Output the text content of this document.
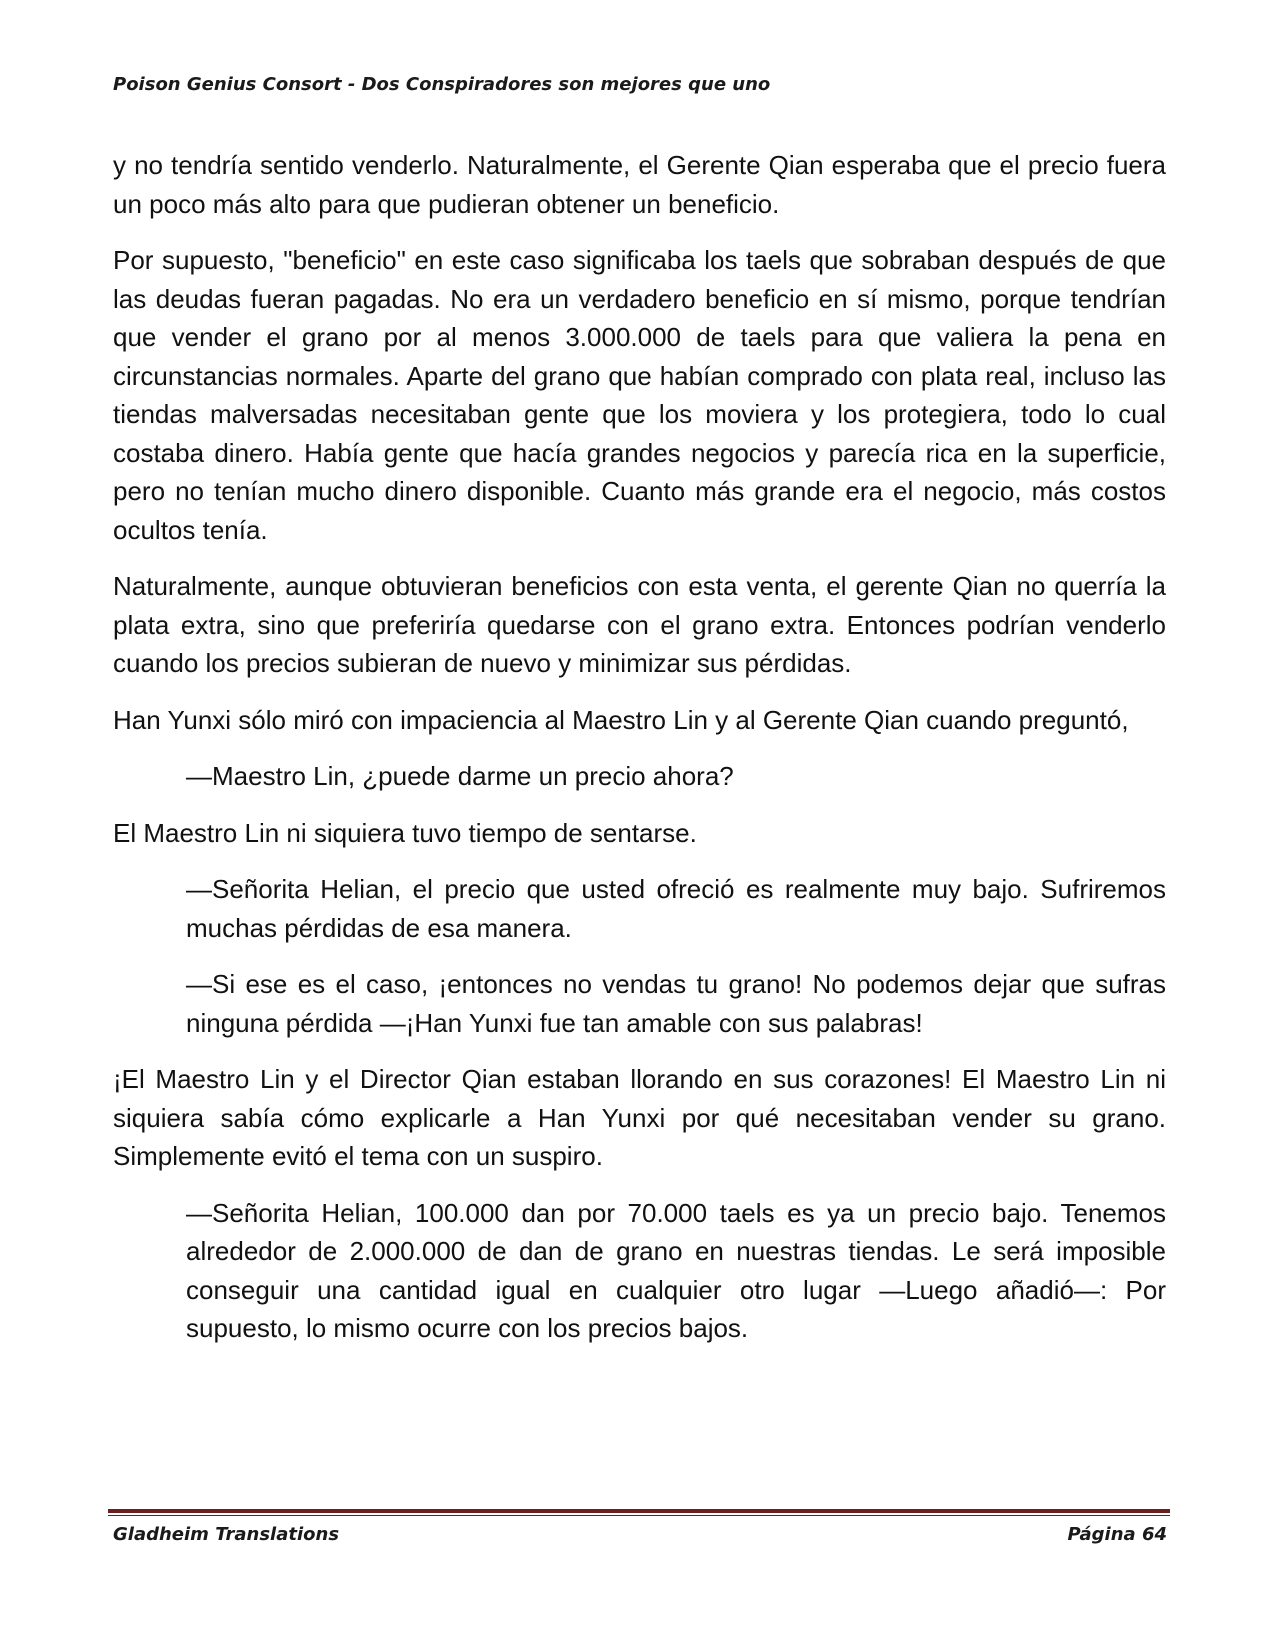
Poison Genius Consort - Dos Conspiradores son mejores que uno

y no tendría sentido venderlo. Naturalmente, el Gerente Qian esperaba que el precio fuera un poco más alto para que pudieran obtener un beneficio.

Por supuesto, "beneficio" en este caso significaba los taels que sobraban después de que las deudas fueran pagadas. No era un verdadero beneficio en sí mismo, porque tendrían que vender el grano por al menos 3.000.000 de taels para que valiera la pena en circunstancias normales. Aparte del grano que habían comprado con plata real, incluso las tiendas malversadas necesitaban gente que los moviera y los protegiera, todo lo cual costaba dinero. Había gente que hacía grandes negocios y parecía rica en la superficie, pero no tenían mucho dinero disponible. Cuanto más grande era el negocio, más costos ocultos tenía.

Naturalmente, aunque obtuvieran beneficios con esta venta, el gerente Qian no querría la plata extra, sino que preferiría quedarse con el grano extra. Entonces podrían venderlo cuando los precios subieran de nuevo y minimizar sus pérdidas.

Han Yunxi sólo miró con impaciencia al Maestro Lin y al Gerente Qian cuando preguntó,

—Maestro Lin, ¿puede darme un precio ahora?

El Maestro Lin ni siquiera tuvo tiempo de sentarse.

—Señorita Helian, el precio que usted ofreció es realmente muy bajo. Sufriremos muchas pérdidas de esa manera.

—Si ese es el caso, ¡entonces no vendas tu grano! No podemos dejar que sufras ninguna pérdida —¡Han Yunxi fue tan amable con sus palabras!

¡El Maestro Lin y el Director Qian estaban llorando en sus corazones! El Maestro Lin ni siquiera sabía cómo explicarle a Han Yunxi por qué necesitaban vender su grano. Simplemente evitó el tema con un suspiro.

—Señorita Helian, 100.000 dan por 70.000 taels es ya un precio bajo. Tenemos alrededor de 2.000.000 de dan de grano en nuestras tiendas. Le será imposible conseguir una cantidad igual en cualquier otro lugar —Luego añadió—: Por supuesto, lo mismo ocurre con los precios bajos.

Gladheim Translations	Página 64
